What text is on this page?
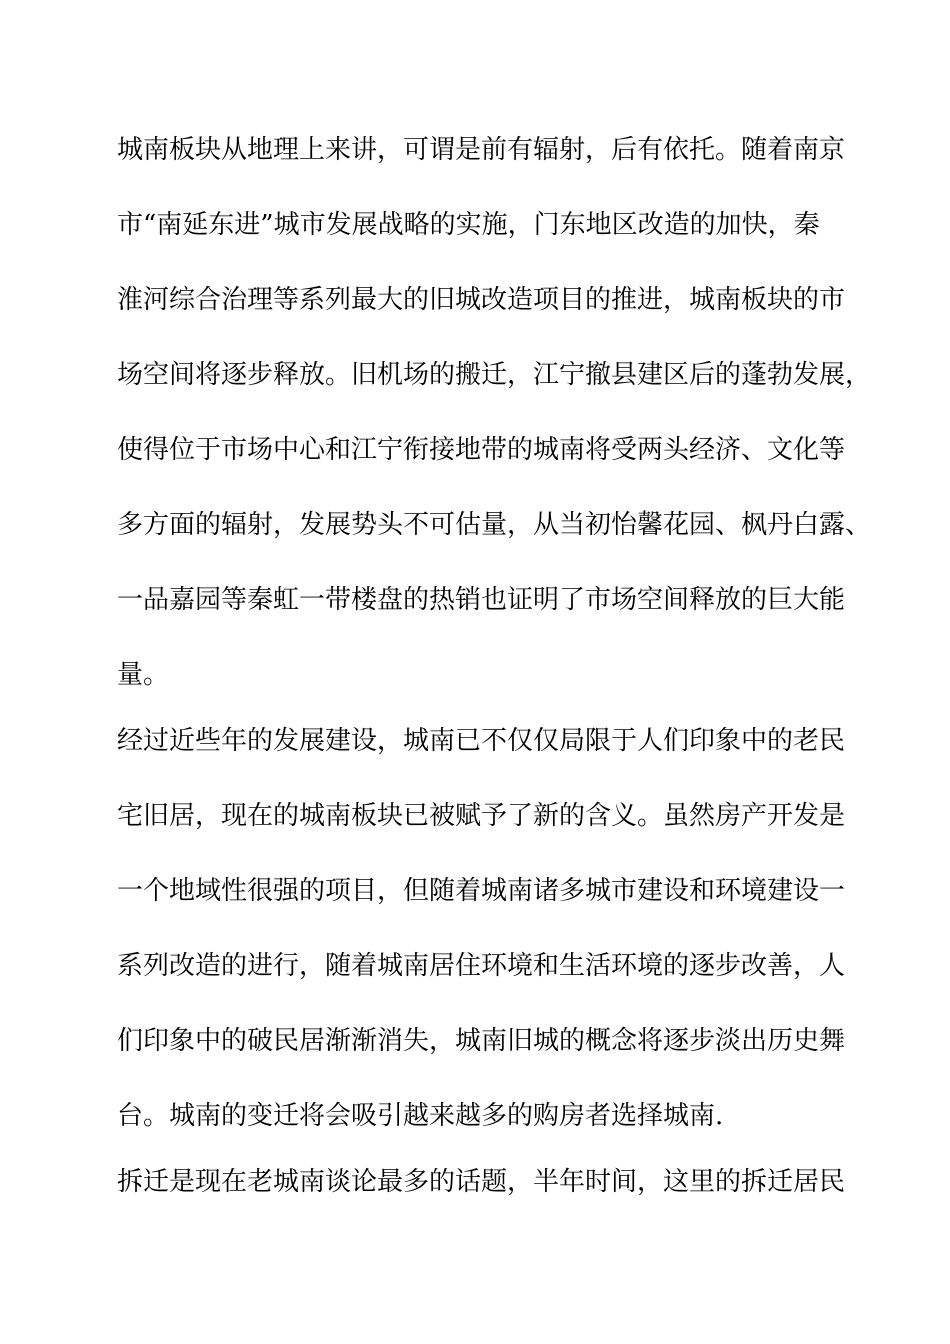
城南板块从地理上来讲，可谓是前有辐射，后有依托。随着南京

市“南延东进”城市发展战略的实施，门东地区改造的加快，秦

淮河综合治理等系列最大的旧城改造项目的推进，城南板块的市

场空间将逐步释放。旧机场的搬迁，江宁撤县建区后的蓬勃发展，

使得位于市场中心和江宁衔接地带的城南将受两头经济、文化等

多方面的辐射，发展势头不可估量，从当初怡馨花园、枫丹白露、

一品嘉园等秦虹一带楼盘的热销也证明了市场空间释放的巨大能

量。

经过近些年的发展建设，城南已不仅仅局限于人们印象中的老民

宅旧居，现在的城南板块已被赋予了新的含义。虽然房产开发是

一个地域性很强的项目，但随着城南诸多城市建设和环境建设一

系列改造的进行，随着城南居住环境和生活环境的逐步改善，人

们印象中的破民居渐渐消失，城南旧城的概念将逐步淡出历史舞

台。城南的变迁将会吸引越来越多的购房者选择城南.

拆迁是现在老城南谈论最多的话题，半年时间，这里的拆迁居民
